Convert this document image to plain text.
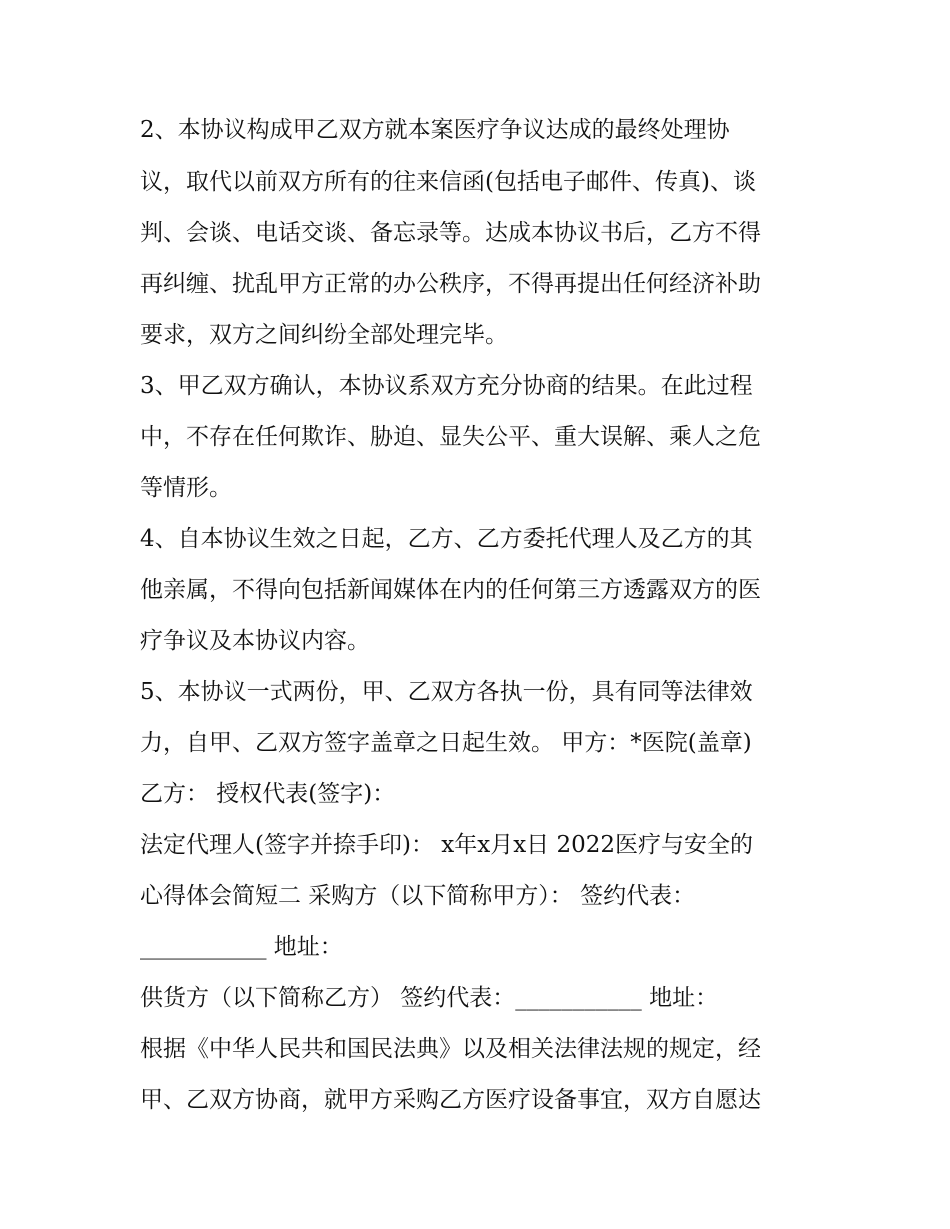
2、本协议构成甲乙双方就本案医疗争议达成的最终处理协
议，取代以前双方所有的往来信函(包括电子邮件、传真)、谈
判、会谈、电话交谈、备忘录等。达成本协议书后，乙方不得
再纠缠、扰乱甲方正常的办公秩序，不得再提出任何经济补助
要求，双方之间纠纷全部处理完毕。
3、甲乙双方确认，本协议系双方充分协商的结果。在此过程
中，不存在任何欺诈、胁迫、显失公平、重大误解、乘人之危
等情形。
4、自本协议生效之日起，乙方、乙方委托代理人及乙方的其
他亲属，不得向包括新闻媒体在内的任何第三方透露双方的医
疗争议及本协议内容。
5、本协议一式两份，甲、乙双方各执一份，具有同等法律效
力，自甲、乙双方签字盖章之日起生效。 甲方：*医院(盖章)
乙方： 授权代表(签字)：
法定代理人(签字并捺手印)： x年x月x日 2022医疗与安全的
心得体会简短二 采购方（以下简称甲方）： 签约代表：
___________ 地址：
供货方（以下简称乙方） 签约代表：___________ 地址：
根据《中华人民共和国民法典》以及相关法律法规的规定，经
甲、乙双方协商，就甲方采购乙方医疗设备事宜，双方自愿达
